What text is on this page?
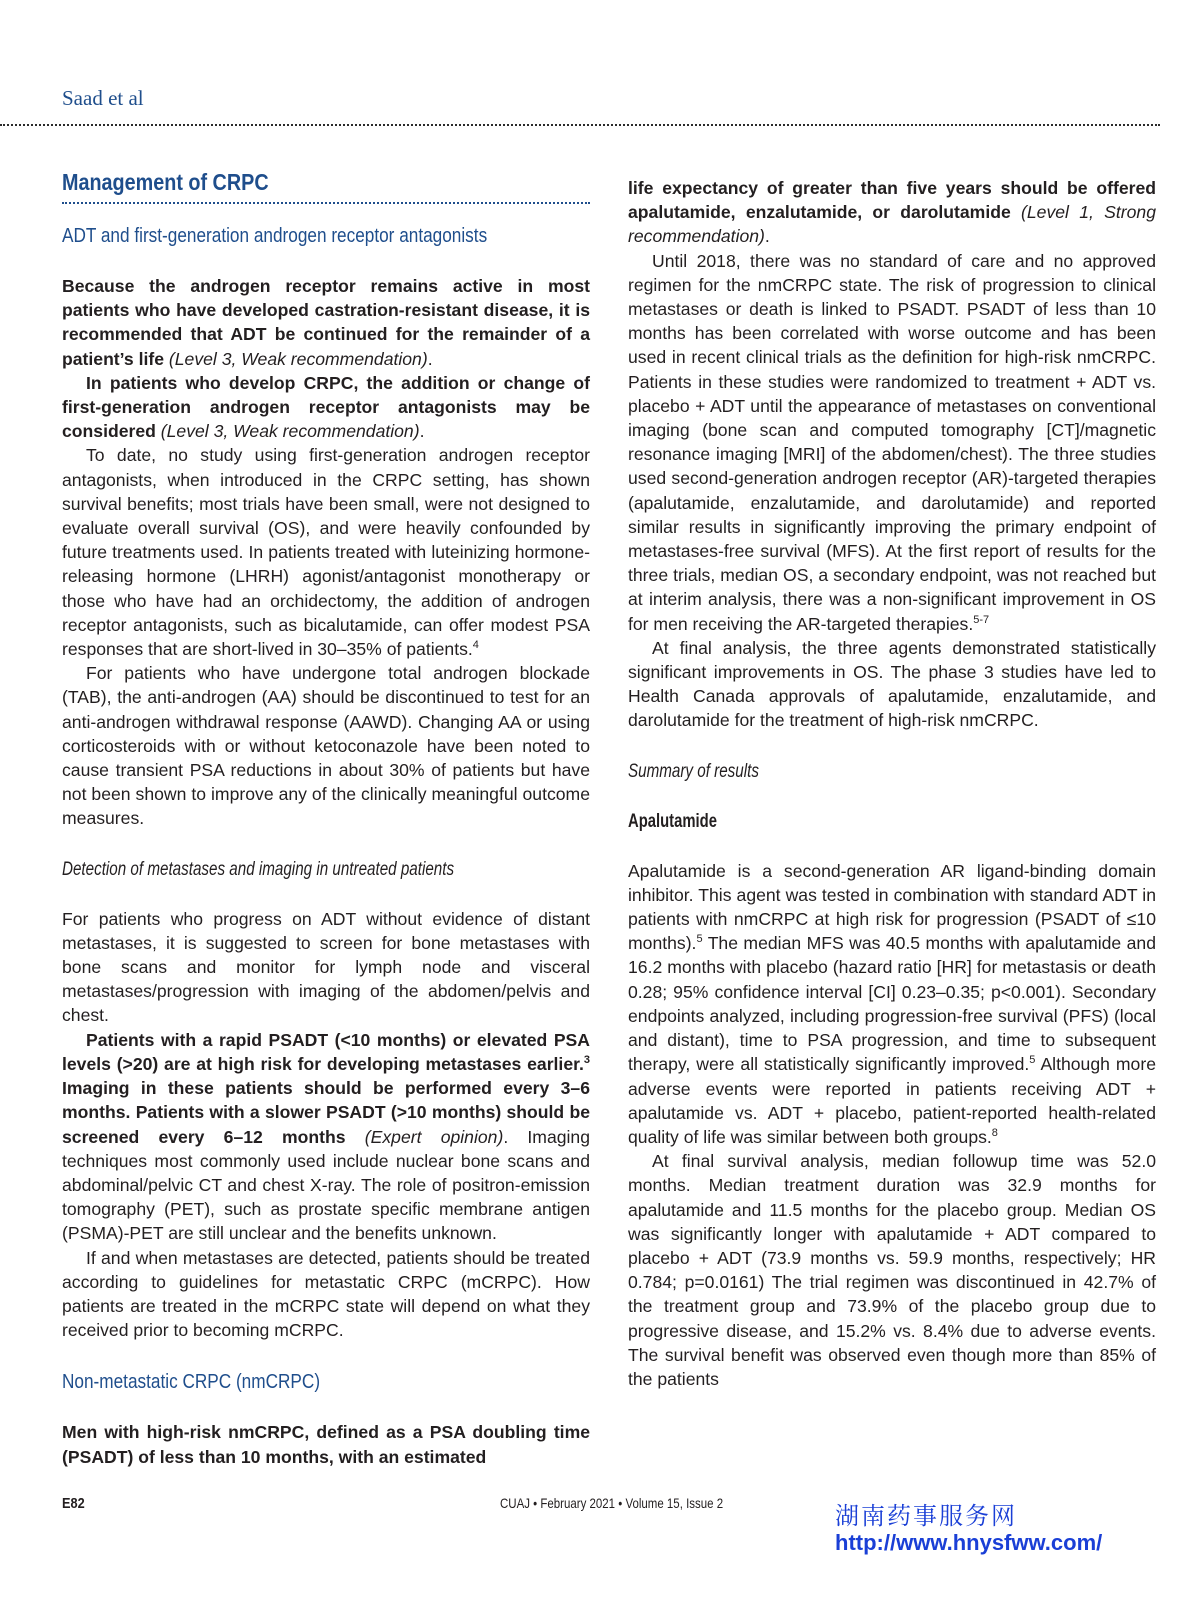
Saad et al
Management of CRPC
ADT and first-generation androgen receptor antagonists

Because the androgen receptor remains active in most patients who have developed castration-resistant disease, it is recommended that ADT be continued for the remainder of a patient’s life (Level 3, Weak recommendation).

In patients who develop CRPC, the addition or change of first-generation androgen receptor antagonists may be considered (Level 3, Weak recommendation).

To date, no study using first-generation androgen receptor antagonists, when introduced in the CRPC setting, has shown survival benefits; most trials have been small, were not designed to evaluate overall survival (OS), and were heavily confounded by future treatments used. In patients treated with luteinizing hormone-releasing hormone (LHRH) agonist/antagonist monotherapy or those who have had an orchidectomy, the addition of androgen receptor antagonists, such as bicalutamide, can offer modest PSA responses that are short-lived in 30–35% of patients.$^4$

For patients who have undergone total androgen blockade (TAB), the anti-androgen (AA) should be discontinued to test for an anti-androgen withdrawal response (AAWD). Changing AA or using corticosteroids with or without ketoconazole have been noted to cause transient PSA reductions in about 30% of patients but have not been shown to improve any of the clinically meaningful outcome measures.

Detection of metastases and imaging in untreated patients

For patients who progress on ADT without evidence of distant metastases, it is suggested to screen for bone metastases with bone scans and monitor for lymph node and visceral metastases/progression with imaging of the abdomen/pelvis and chest.

Patients with a rapid PSADT (<10 months) or elevated PSA levels (>20) are at high risk for developing metastases earlier.$^3$ Imaging in these patients should be performed every 3–6 months. Patients with a slower PSADT (>10 months) should be screened every 6–12 months (Expert opinion). Imaging techniques most commonly used include nuclear bone scans and abdominal/pelvic CT and chest X-ray. The role of positron-emission tomography (PET), such as prostate specific membrane antigen (PSMA)-PET are still unclear and the benefits unknown.

If and when metastases are detected, patients should be treated according to guidelines for metastatic CRPC (mCRPC). How patients are treated in the mCRPC state will depend on what they received prior to becoming mCRPC.

Non-metastatic CRPC (nmCRPC)

Men with high-risk nmCRPC, defined as a PSA doubling time (PSADT) of less than 10 months, with an estimated

life expectancy of greater than five years should be offered apalutamide, enzalutamide, or darolutamide (Level 1, Strong recommendation).

Until 2018, there was no standard of care and no approved regimen for the nmCRPC state. The risk of progression to clinical metastases or death is linked to PSADT. PSADT of less than 10 months has been correlated with worse outcome and has been used in recent clinical trials as the definition for high-risk nmCRPC. Patients in these studies were randomized to treatment + ADT vs. placebo + ADT until the appearance of metastases on conventional imaging (bone scan and computed tomography [CT]/magnetic resonance imaging [MRI] of the abdomen/chest). The three studies used second-generation androgen receptor (AR)-targeted therapies (apalutamide, enzalutamide, and darolutamide) and reported similar results in significantly improving the primary endpoint of metastases-free survival (MFS). At the first report of results for the three trials, median OS, a secondary endpoint, was not reached but at interim analysis, there was a non-significant improvement in OS for men receiving the AR-targeted therapies.$^{5-7}$

At final analysis, the three agents demonstrated statistically significant improvements in OS. The phase 3 studies have led to Health Canada approvals of apalutamide, enzalutamide, and darolutamide for the treatment of high-risk nmCRPC.

Summary of results
Apalutamide

Apalutamide is a second-generation AR ligand-binding domain inhibitor. This agent was tested in combination with standard ADT in patients with nmCRPC at high risk for progression (PSADT of ≤10 months).$^5$ The median MFS was 40.5 months with apalutamide and 16.2 months with placebo (hazard ratio [HR] for metastasis or death 0.28; 95% confidence interval [CI] 0.23–0.35; p<0.001). Secondary endpoints analyzed, including progression-free survival (PFS) (local and distant), time to PSA progression, and time to subsequent therapy, were all statistically significantly improved.$^5$ Although more adverse events were reported in patients receiving ADT + apalutamide vs. ADT + placebo, patient-reported health-related quality of life was similar between both groups.$^8$

At final survival analysis, median followup time was 52.0 months. Median treatment duration was 32.9 months for apalutamide and 11.5 months for the placebo group. Median OS was significantly longer with apalutamide + ADT compared to placebo + ADT (73.9 months vs. 59.9 months, respectively; HR 0.784; p=0.0161) The trial regimen was discontinued in 42.7% of the treatment group and 73.9% of the placebo group due to progressive disease, and 15.2% vs. 8.4% due to adverse events. The survival benefit was observed even though more than 85% of the patients

E82	CUAJ • February 2021 • Volume 15, Issue 2	湖南药事服务网
http://www.hnysfww.com/
